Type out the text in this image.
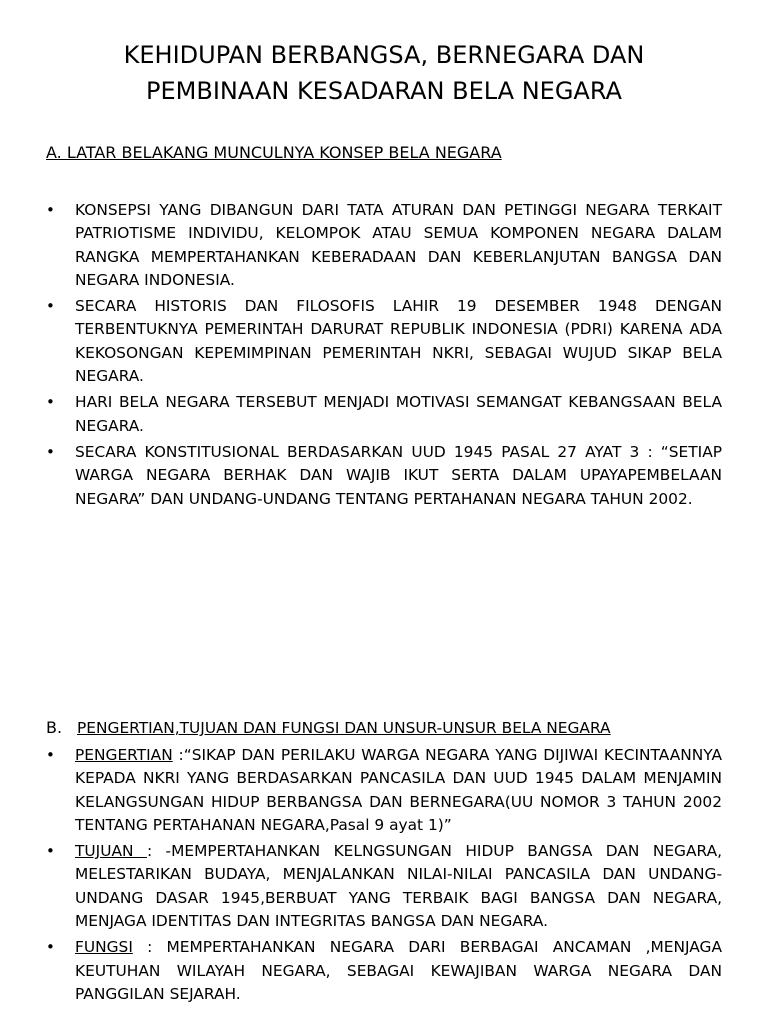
KEHIDUPAN BERBANGSA, BERNEGARA DAN
PEMBINAAN KESADARAN BELA NEGARA
A. LATAR BELAKANG MUNCULNYA KONSEP BELA NEGARA
• KONSEPSI YANG DIBANGUN DARI TATA ATURAN DAN PETINGGI NEGARA TERKAIT PATRIOTISME INDIVIDU, KELOMPOK ATAU SEMUA KOMPONEN NEGARA DALAM RANGKA MEMPERTAHANKAN KEBERADAAN DAN KEBERLANJUTAN BANGSA DAN NEGARA INDONESIA.
• SECARA HISTORIS DAN FILOSOFIS LAHIR 19 DESEMBER 1948 DENGAN TERBENTUKNYA PEMERINTAH DARURAT REPUBLIK INDONESIA (PDRI) KARENA ADA KEKOSONGAN KEPEMIMPINAN PEMERINTAH NKRI, SEBAGAI WUJUD SIKAP BELA NEGARA.
• HARI BELA NEGARA TERSEBUT MENJADI MOTIVASI SEMANGAT KEBANGSAAN BELA NEGARA.
• SECARA KONSTITUSIONAL BERDASARKAN UUD 1945 PASAL 27 AYAT 3 : “SETIAP WARGA NEGARA BERHAK DAN WAJIB IKUT SERTA DALAM UPAYAPEMBELAAN NEGARA” DAN UNDANG-UNDANG TENTANG PERTAHANAN NEGARA TAHUN 2002.
B. PENGERTIAN,TUJUAN DAN FUNGSI DAN UNSUR-UNSUR BELA NEGARA
• PENGERTIAN :“SIKAP DAN PERILAKU WARGA NEGARA YANG DIJIWAI KECINTAANNYA KEPADA NKRI YANG BERDASARKAN PANCASILA DAN UUD 1945 DALAM MENJAMIN KELANGSUNGAN HIDUP BERBANGSA DAN BERNEGARA(UU NOMOR 3 TAHUN 2002 TENTANG PERTAHANAN NEGARA,Pasal 9 ayat 1)”
• TUJUAN : -MEMPERTAHANKAN KELNGSUNGAN HIDUP BANGSA DAN NEGARA, MELESTARIKAN BUDAYA, MENJALANKAN NILAI-NILAI PANCASILA DAN UNDANG-UNDANG DASAR 1945,BERBUAT YANG TERBAIK BAGI BANGSA DAN NEGARA, MENJAGA IDENTITAS DAN INTEGRITAS BANGSA DAN NEGARA.
• FUNGSI : MEMPERTAHANKAN NEGARA DARI BERBAGAI ANCAMAN ,MENJAGA KEUTUHAN WILAYAH NEGARA, SEBAGAI KEWAJIBAN WARGA NEGARA DAN PANGGILAN SEJARAH.
